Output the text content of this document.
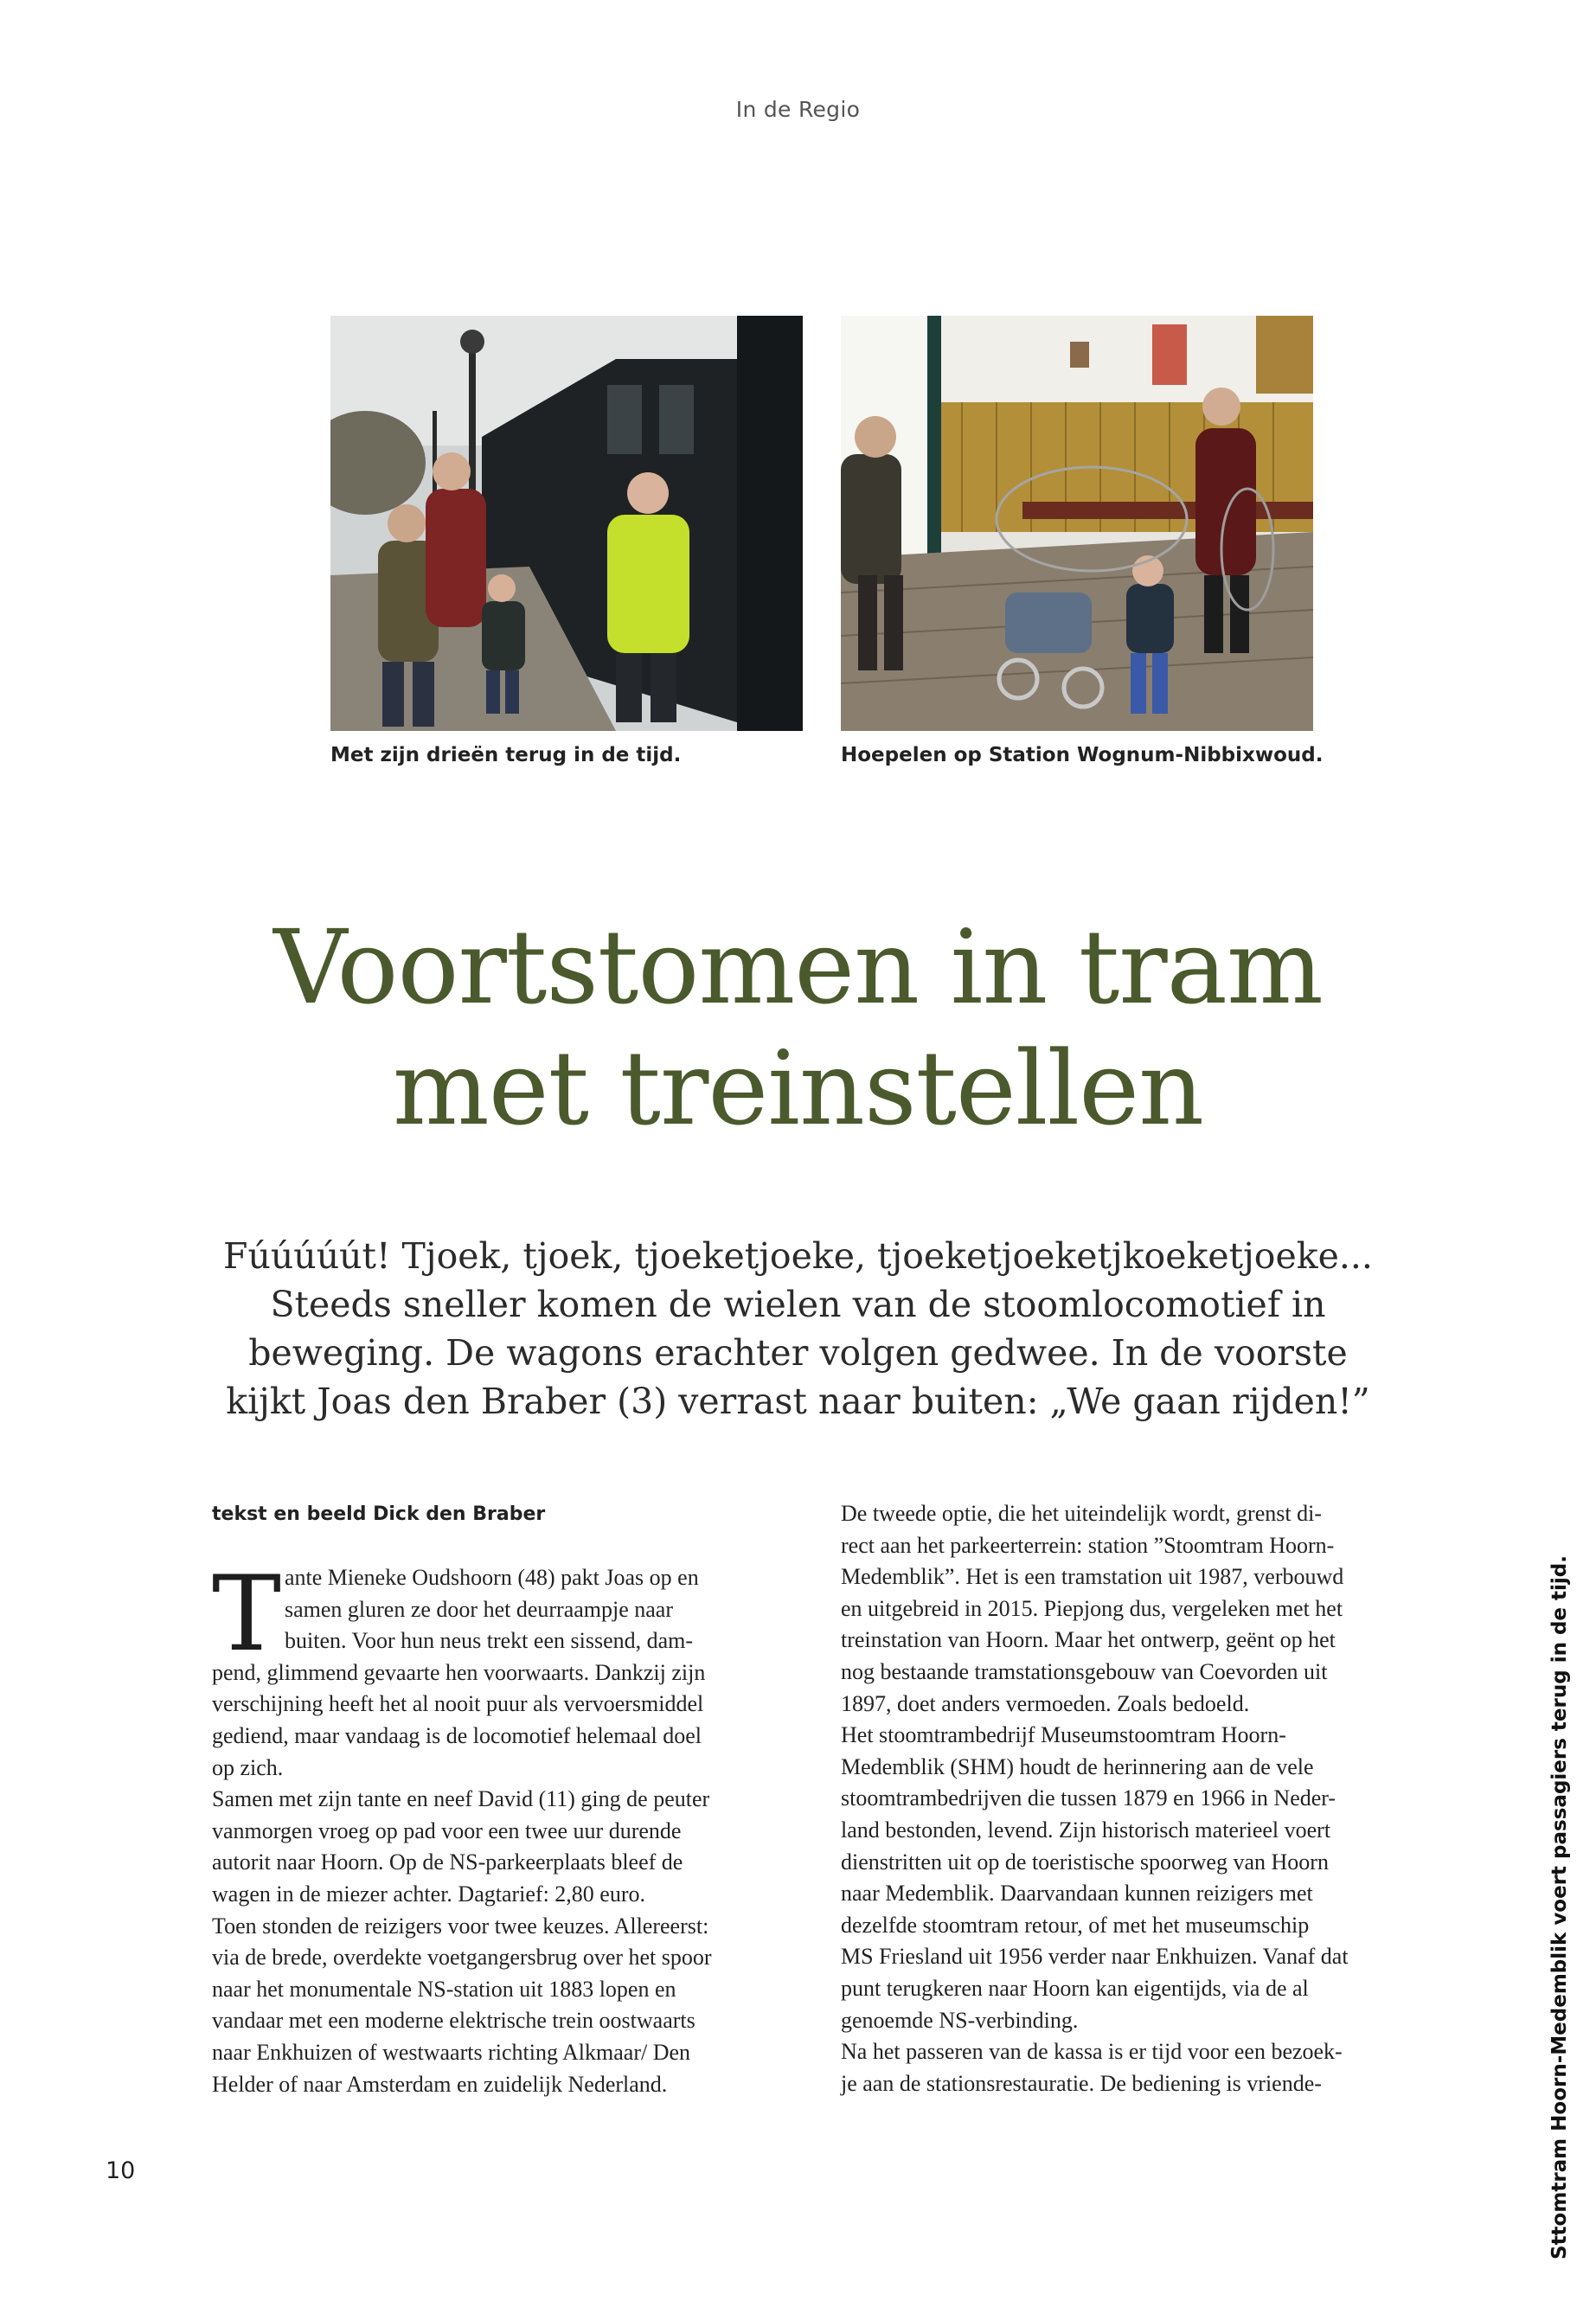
In de Regio
Met zijn drieën terug in de tijd.	Hoepelen op Station Wognum-Nibbixwoud.
Voortstomen in tram
met treinstellen
Fúúúúút! Tjoek, tjoek, tjoeketjoeke, tjoeketjoeketjkoeketjoeke...
Steeds sneller komen de wielen van de stoomlocomotief in
beweging. De wagons erachter volgen gedwee. In de voorste
kijkt Joas den Braber (3) verrast naar buiten: „We gaan rijden!”
tekst en beeld Dick den Braber
T ante Mieneke Oudshoorn (48) pakt Joas op en
samen gluren ze door het deurraampje naar
buiten. Voor hun neus trekt een sissend, dam-
pend, glimmend gevaarte hen voorwaarts. Dankzij zijn
verschijning heeft het al nooit puur als vervoersmiddel
gediend, maar vandaag is de locomotief helemaal doel
op zich.
Samen met zijn tante en neef David (11) ging de peuter
vanmorgen vroeg op pad voor een twee uur durende
autorit naar Hoorn. Op de NS-parkeerplaats bleef de
wagen in de miezer achter. Dagtarief: 2,80 euro.
Toen stonden de reizigers voor twee keuzes. Allereerst:
via de brede, overdekte voetgangersbrug over het spoor
naar het monumentale NS-station uit 1883 lopen en
vandaar met een moderne elektrische trein oostwaarts
naar Enkhuizen of westwaarts richting Alkmaar/ Den
Helder of naar Amsterdam en zuidelijk Nederland.
De tweede optie, die het uiteindelijk wordt, grenst di-
rect aan het parkeerterrein: station ”Stoomtram Hoorn-
Medemblik”. Het is een tramstation uit 1987, verbouwd
en uitgebreid in 2015. Piepjong dus, vergeleken met het
treinstation van Hoorn. Maar het ontwerp, geënt op het
nog bestaande tramstationsgebouw van Coevorden uit
1897, doet anders vermoeden. Zoals bedoeld.
Het stoomtrambedrijf Museumstoomtram Hoorn-
Medemblik (SHM) houdt de herinnering aan de vele
stoomtrambedrijven die tussen 1879 en 1966 in Neder-
land bestonden, levend. Zijn historisch materieel voert
dienstritten uit op de toeristische spoorweg van Hoorn
naar Medemblik. Daarvandaan kunnen reizigers met
dezelfde stoomtram retour, of met het museumschip
MS Friesland uit 1956 verder naar Enkhuizen. Vanaf dat
punt terugkeren naar Hoorn kan eigentijds, via de al
genoemde NS-verbinding.
Na het passeren van de kassa is er tijd voor een bezoek-
je aan de stationsrestauratie. De bediening is vriende-	Sttomtram Hoorn-Medemblik voert passagiers terug in de tijd.
10
